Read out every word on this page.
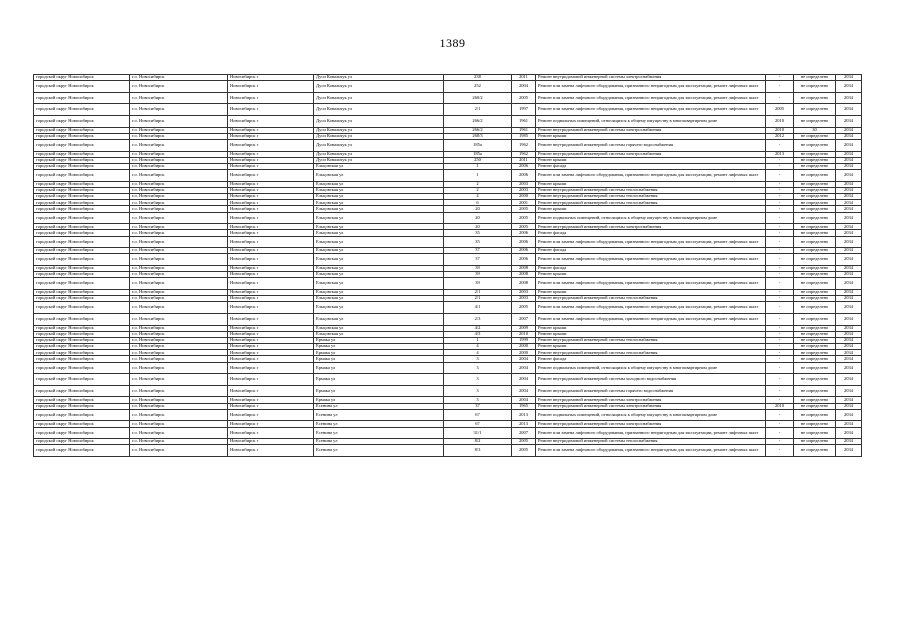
1389
городской округ Новосибирск	г.о. Новосибирск	Новосибирск г	Дуси Ковальчук ул	238	2011	Ремонт внутридомовой инженерной системы электроснабжения	-	не определено	2034	
городской округ Новосибирск	г.о. Новосибирск	Новосибирск г	Дуси Ковальчук ул	252	2004	Ремонт или замена лифтового оборудования, признанного непригодным для эксплуатации, ремонт лифтовых шахт	-	не определено	2034	
городской округ Новосибирск	г.о. Новосибирск	Новосибирск г	Дуси Ковальчук ул	260/2	2005	Ремонт или замена лифтового оборудования, признанного непригодным для эксплуатации, ремонт лифтовых шахт	-	не определено	2034	
городской округ Новосибирск	г.о. Новосибирск	Новосибирск г	Дуси Ковальчук ул	2/1	1997	Ремонт или замена лифтового оборудования, признанного непригодным для эксплуатации, ремонт лифтовых шахт	2005	не определено	2034	
городской округ Новосибирск	г.о. Новосибирск	Новосибирск г	Дуси Ковальчук ул	266/2	1961	Ремонт подвальных помещений, относящихся к общему имуществу в многоквартирном доме	2010	не определено	2034	
городской округ Новосибирск	г.о. Новосибирск	Новосибирск г	Дуси Ковальчук ул	266/2	1961	Ремонт внутридомовой инженерной системы электроснабжения	2010	30	2034	
городской округ Новосибирск	г.о. Новосибирск	Новосибирск г	Дуси Ковальчук ул	268/3	1985	Ремонт крыши	2012	не определено	2034	
городской округ Новосибирск	г.о. Новосибирск	Новосибирск г	Дуси Ковальчук ул	185а	1962	Ремонт внутридомовой инженерной системы горячего водоснабжения	-	не определено	2034	
городской округ Новосибирск	г.о. Новосибирск	Новосибирск г	Дуси Ковальчук ул	185а	1962	Ремонт внутридомовой инженерной системы электроснабжения	2013	не определено	2034	
городской округ Новосибирск	г.о. Новосибирск	Новосибирск г	Дуси Ковальчук ул	250	2011	Ремонт крыши	-	не определено	2034	
городской округ Новосибирск	г.о. Новосибирск	Новосибирск г	Ельцовская ул	1	2006	Ремонт фасада	-	не определено	2034	
городской округ Новосибирск	г.о. Новосибирск	Новосибирск г	Ельцовская ул	1	2006	Ремонт или замена лифтового оборудования, признанного непригодным для эксплуатации, ремонт лифтовых шахт	-	не определено	2034	
городской округ Новосибирск	г.о. Новосибирск	Новосибирск г	Ельцовская ул	2	2003	Ремонт крыши	-	не определено	2034	
городской округ Новосибирск	г.о. Новосибирск	Новосибирск г	Ельцовская ул	2	2003	Ремонт внутридомовой инженерной системы теплоснабжения	-	не определено	2034	
городской округ Новосибирск	г.о. Новосибирск	Новосибирск г	Ельцовская ул	4	2000	Ремонт внутридомовой инженерной системы теплоснабжения	-	не определено	2034	
городской округ Новосибирск	г.о. Новосибирск	Новосибирск г	Ельцовская ул	6	2001	Ремонт внутридомовой инженерной системы теплоснабжения	-	не определено	2034	
городской округ Новосибирск	г.о. Новосибирск	Новосибирск г	Ельцовская ул	20	2005	Ремонт крыши	-	не определено	2034	
городской округ Новосибирск	г.о. Новосибирск	Новосибирск г	Ельцовская ул	20	2005	Ремонт подвальных помещений, относящихся к общему имуществу в многоквартирном доме	-	не определено	2034	
городской округ Новосибирск	г.о. Новосибирск	Новосибирск г	Ельцовская ул	20	2005	Ремонт внутридомовой инженерной системы электроснабжения	-	не определено	2034	
городской округ Новосибирск	г.о. Новосибирск	Новосибирск г	Ельцовская ул	35	2006	Ремонт фасада	-	не определено	2034	
городской округ Новосибирск	г.о. Новосибирск	Новосибирск г	Ельцовская ул	35	2006	Ремонт или замена лифтового оборудования, признанного непригодным для эксплуатации, ремонт лифтовых шахт	-	не определено	2034	
городской округ Новосибирск	г.о. Новосибирск	Новосибирск г	Ельцовская ул	37	2006	Ремонт фасада	-	не определено	2034	
городской округ Новосибирск	г.о. Новосибирск	Новосибирск г	Ельцовская ул	37	2006	Ремонт или замена лифтового оборудования, признанного непригодным для эксплуатации, ремонт лифтовых шахт	-	не определено	2034	
городской округ Новосибирск	г.о. Новосибирск	Новосибирск г	Ельцовская ул	39	2008	Ремонт фасада	-	не определено	2034	
городской округ Новосибирск	г.о. Новосибирск	Новосибирск г	Ельцовская ул	39	2008	Ремонт крыши	-	не определено	2034	
городской округ Новосибирск	г.о. Новосибирск	Новосибирск г	Ельцовская ул	39	2008	Ремонт или замена лифтового оборудования, признанного непригодным для эксплуатации, ремонт лифтовых шахт	-	не определено	2034	
городской округ Новосибирск	г.о. Новосибирск	Новосибирск г	Ельцовская ул	2/1	2003	Ремонт крыши	-	не определено	2034	
городской округ Новосибирск	г.о. Новосибирск	Новосибирск г	Ельцовская ул	2/1	2003	Ремонт внутридомовой инженерной системы теплоснабжения	-	не определено	2034	
городской округ Новосибирск	г.о. Новосибирск	Новосибирск г	Ельцовская ул	4/1	2005	Ремонт или замена лифтового оборудования, признанного непригодным для эксплуатации, ремонт лифтовых шахт	-	не определено	2034	
городской округ Новосибирск	г.о. Новосибирск	Новосибирск г	Ельцовская ул	2/3	2007	Ремонт или замена лифтового оборудования, признанного непригодным для эксплуатации, ремонт лифтовых шахт	-	не определено	2034	
городской округ Новосибирск	г.о. Новосибирск	Новосибирск г	Ельцовская ул	4/2	2009	Ремонт крыши	-	не определено	2034	
городской округ Новосибирск	г.о. Новосибирск	Новосибирск г	Ельцовская ул	4/3	2010	Ремонт крыши	-	не определено	2034	
городской округ Новосибирск	г.о. Новосибирск	Новосибирск г	Ермака ул	1	1999	Ремонт внутридомовой инженерной системы теплоснабжения	-	не определено	2034	
городской округ Новосибирск	г.о. Новосибирск	Новосибирск г	Ермака ул	4	2000	Ремонт крыши	-	не определено	2034	
городской округ Новосибирск	г.о. Новосибирск	Новосибирск г	Ермака ул	4	2000	Ремонт внутридомовой инженерной системы теплоснабжения	-	не определено	2034	
городской округ Новосибирск	г.о. Новосибирск	Новосибирск г	Ермака ул	3	2004	Ремонт фасада	-	не определено	2034	
городской округ Новосибирск	г.о. Новосибирск	Новосибирск г	Ермака ул	3	2004	Ремонт подвальных помещений, относящихся к общему имуществу в многоквартирном доме	-	не определено	2034	
городской округ Новосибирск	г.о. Новосибирск	Новосибирск г	Ермака ул	3	2004	Ремонт внутридомовой инженерной системы холодного водоснабжения	-	не определено	2034	
городской округ Новосибирск	г.о. Новосибирск	Новосибирск г	Ермака ул	3	2004	Ремонт внутридомовой инженерной системы горячего водоснабжения	-	не определено	2034	
городской округ Новосибирск	г.о. Новосибирск	Новосибирск г	Ермака ул	3	2004	Ремонт внутридомовой инженерной системы электроснабжения	-	не определено	2034	
городской округ Новосибирск	г.о. Новосибирск	Новосибирск г	Есенина ул	37	1965	Ремонт внутридомовой инженерной системы электроснабжения	2010	не определено	2034	
городской округ Новосибирск	г.о. Новосибирск	Новосибирск г	Есенина ул	67	2013	Ремонт подвальных помещений, относящихся к общему имуществу в многоквартирном доме	-	не определено	2034	
городской округ Новосибирск	г.о. Новосибирск	Новосибирск г	Есенина ул	67	2013	Ремонт внутридомовой инженерной системы электроснабжения	-	не определено	2034	
городской округ Новосибирск	г.о. Новосибирск	Новосибирск г	Есенина ул	31/1	2007	Ремонт или замена лифтового оборудования, признанного непригодным для эксплуатации, ремонт лифтовых шахт	-	не определено	2034	
городской округ Новосибирск	г.о. Новосибирск	Новосибирск г	Есенина ул	8/2	2005	Ремонт внутридомовой инженерной системы теплоснабжения	-	не определено	2034	
городской округ Новосибирск	г.о. Новосибирск	Новосибирск г	Есенина ул	8/3	2005	Ремонт или замена лифтового оборудования, признанного непригодным для эксплуатации, ремонт лифтовых шахт	-	не определено	2034	
